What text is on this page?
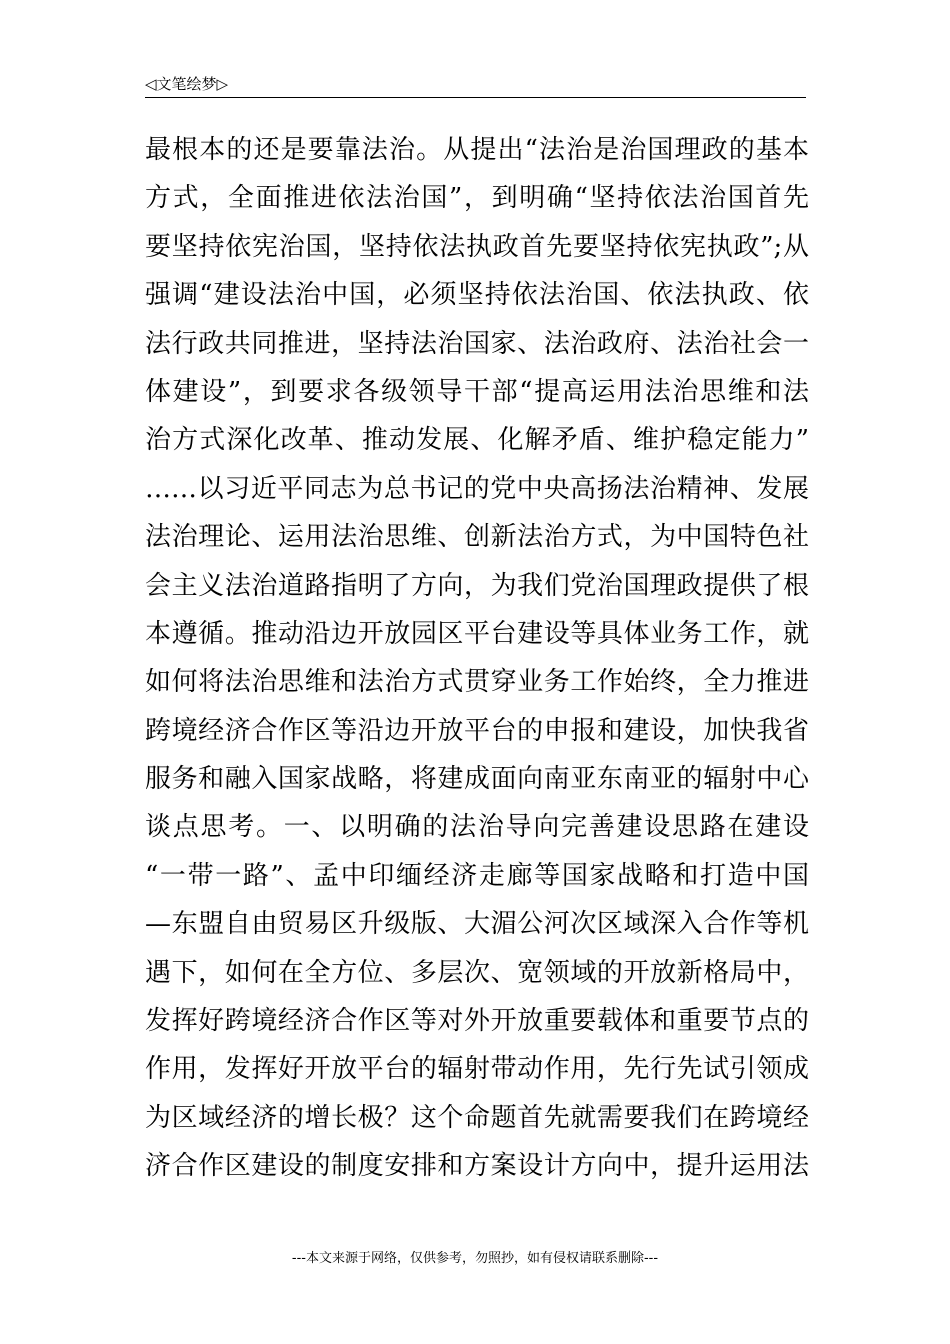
◁文笔绘梦▷
最根本的还是要靠法治。从提出“法治是治国理政的基本
方式，全面推进依法治国”，到明确“坚持依法治国首先
要坚持依宪治国，坚持依法执政首先要坚持依宪执政”;从
强调“建设法治中国，必须坚持依法治国、依法执政、依
法行政共同推进，坚持法治国家、法治政府、法治社会一
体建设”，到要求各级领导干部“提高运用法治思维和法
治方式深化改革、推动发展、化解矛盾、维护稳定能力”
……以习近平同志为总书记的党中央高扬法治精神、发展
法治理论、运用法治思维、创新法治方式，为中国特色社
会主义法治道路指明了方向，为我们党治国理政提供了根
本遵循。推动沿边开放园区平台建设等具体业务工作，就
如何将法治思维和法治方式贯穿业务工作始终，全力推进
跨境经济合作区等沿边开放平台的申报和建设，加快我省
服务和融入国家战略，将建成面向南亚东南亚的辐射中心
谈点思考。一、以明确的法治导向完善建设思路在建设
“一带一路”、孟中印缅经济走廊等国家战略和打造中国
—东盟自由贸易区升级版、大湄公河次区域深入合作等机
遇下，如何在全方位、多层次、宽领域的开放新格局中，
发挥好跨境经济合作区等对外开放重要载体和重要节点的
作用，发挥好开放平台的辐射带动作用，先行先试引领成
为区域经济的增长极？这个命题首先就需要我们在跨境经
济合作区建设的制度安排和方案设计方向中，提升运用法
---本文来源于网络，仅供参考，勿照抄，如有侵权请联系删除---
